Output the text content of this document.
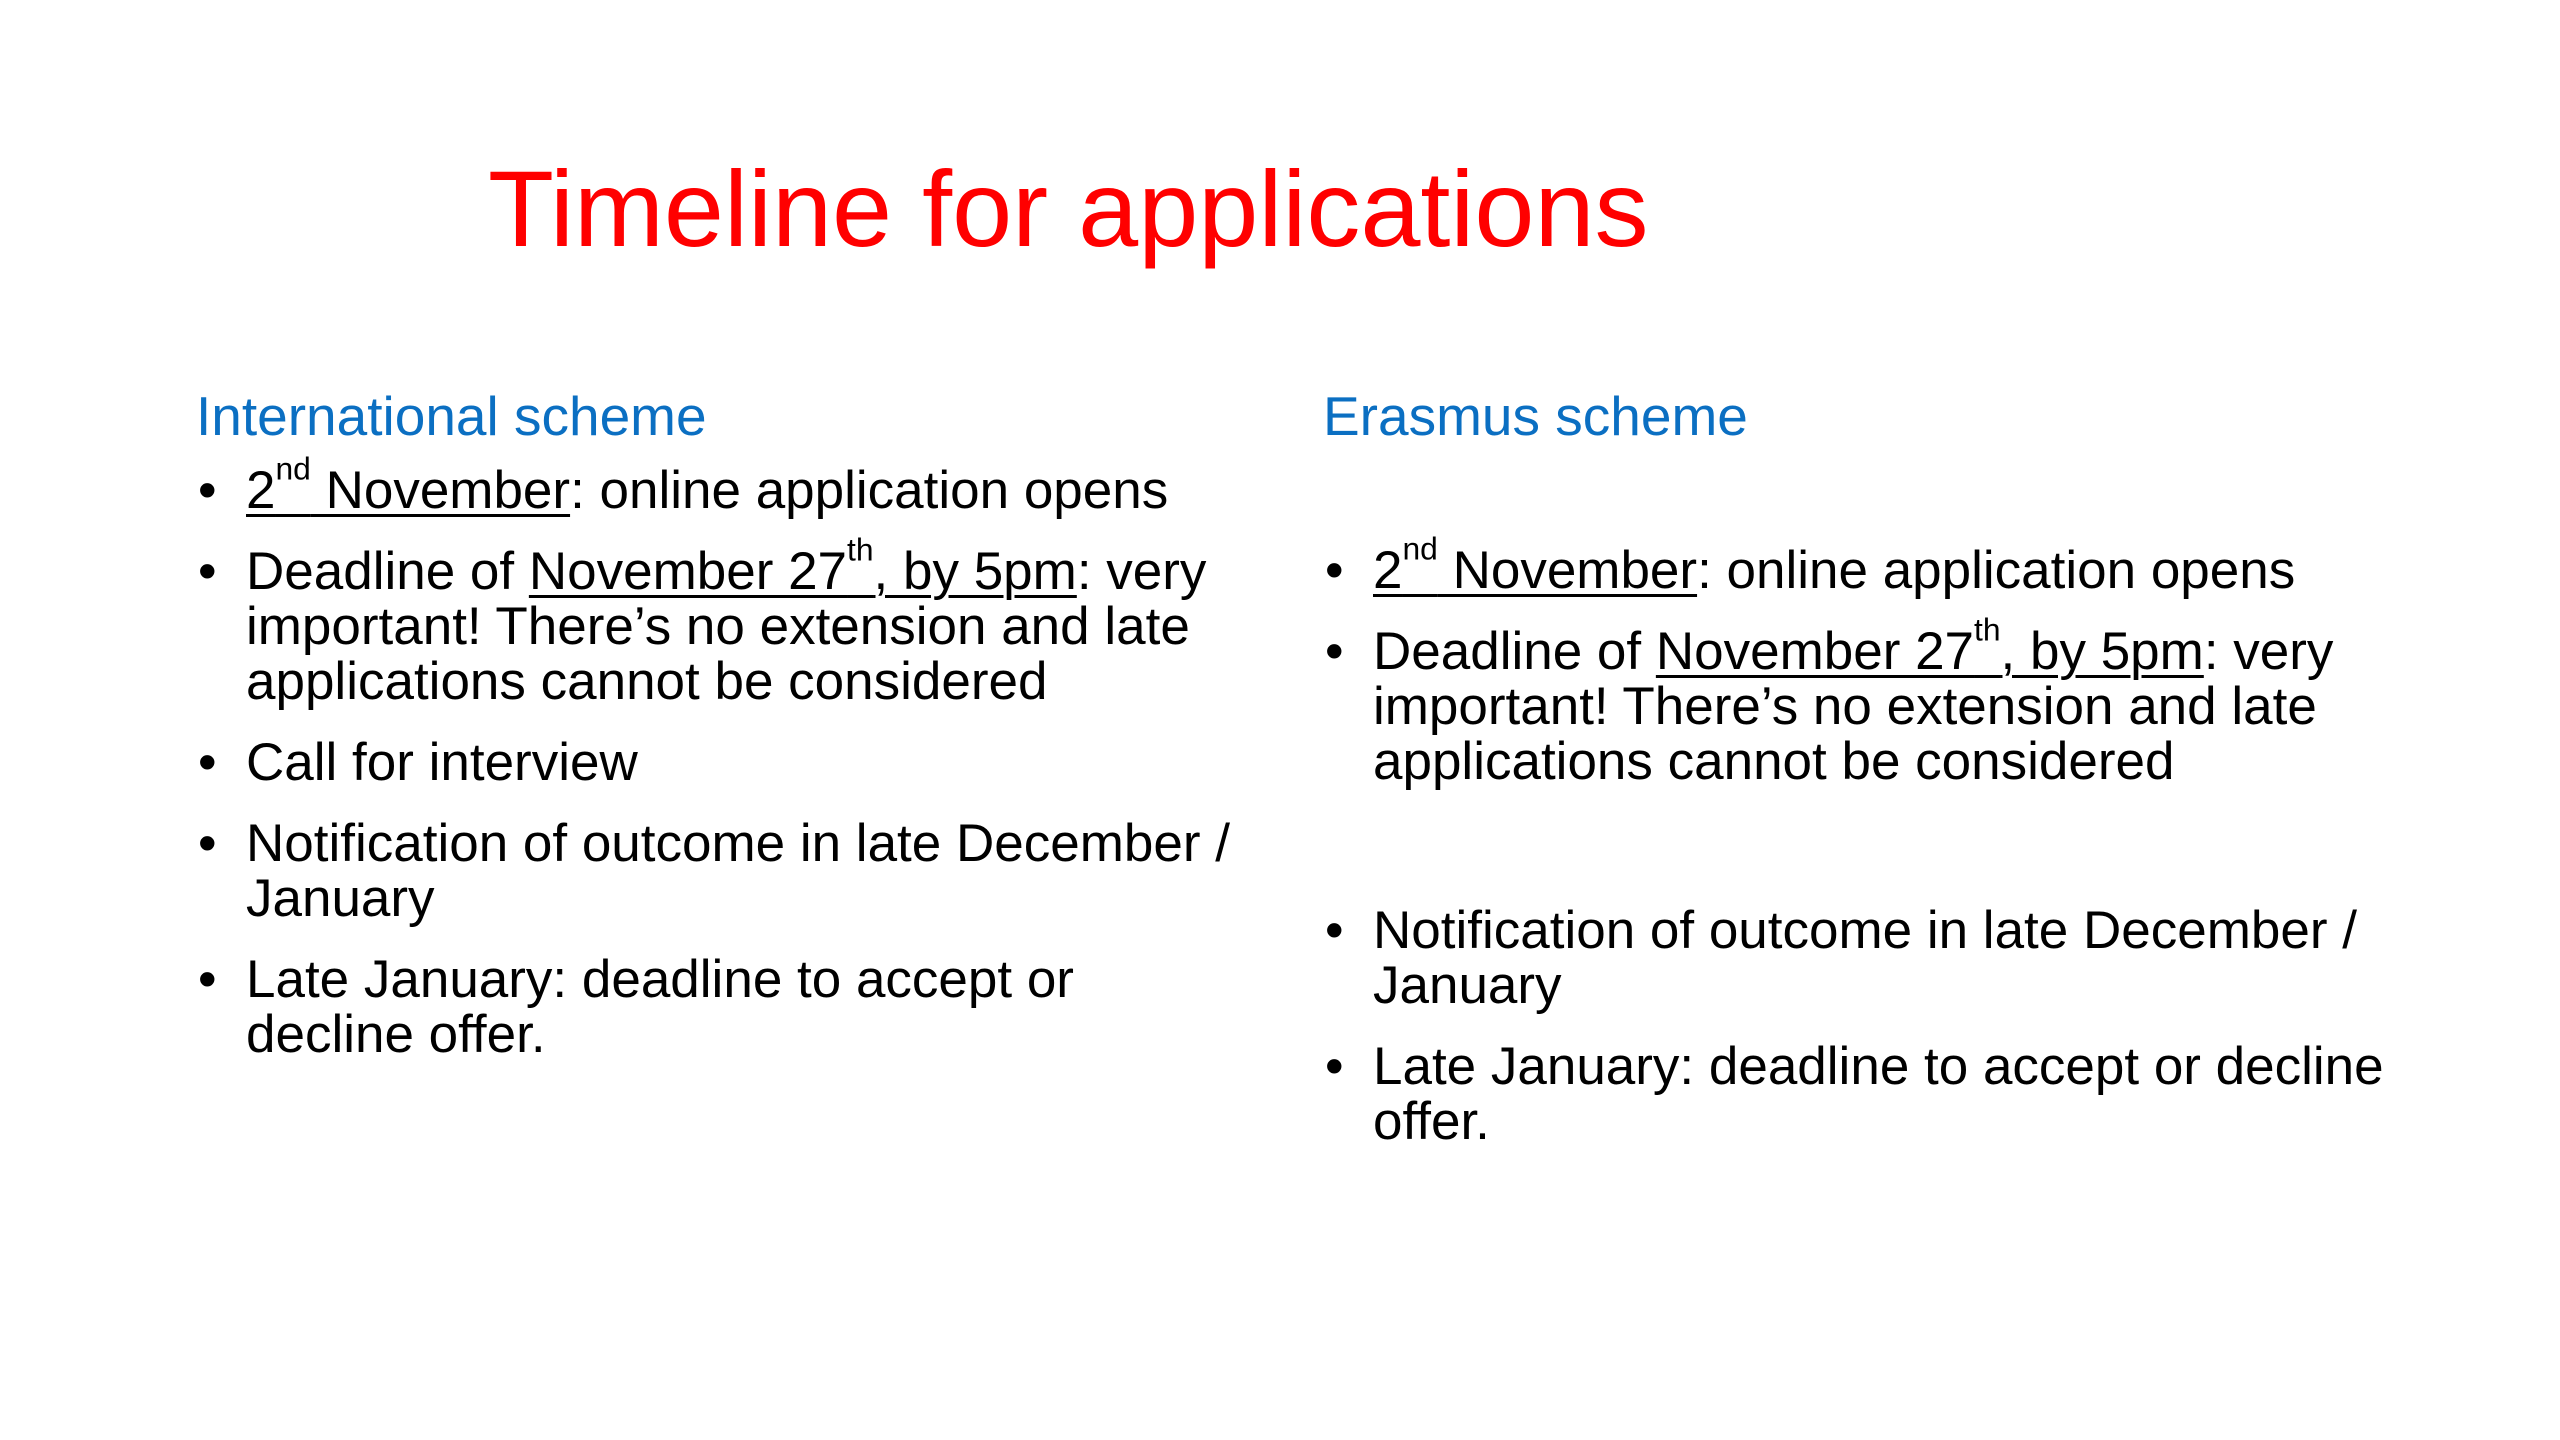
Timeline for applications
International scheme
• 2nd November: online application opens
• Deadline of November 27th, by 5pm: very important! There’s no extension and late applications cannot be considered
• Call for interview
• Notification of outcome in late December / January
• Late January: deadline to accept or decline offer.
Erasmus scheme
• 2nd November: online application opens
• Deadline of November 27th, by 5pm: very important! There’s no extension and late applications cannot be considered
• Notification of outcome in late December / January
• Late January: deadline to accept or decline offer.
